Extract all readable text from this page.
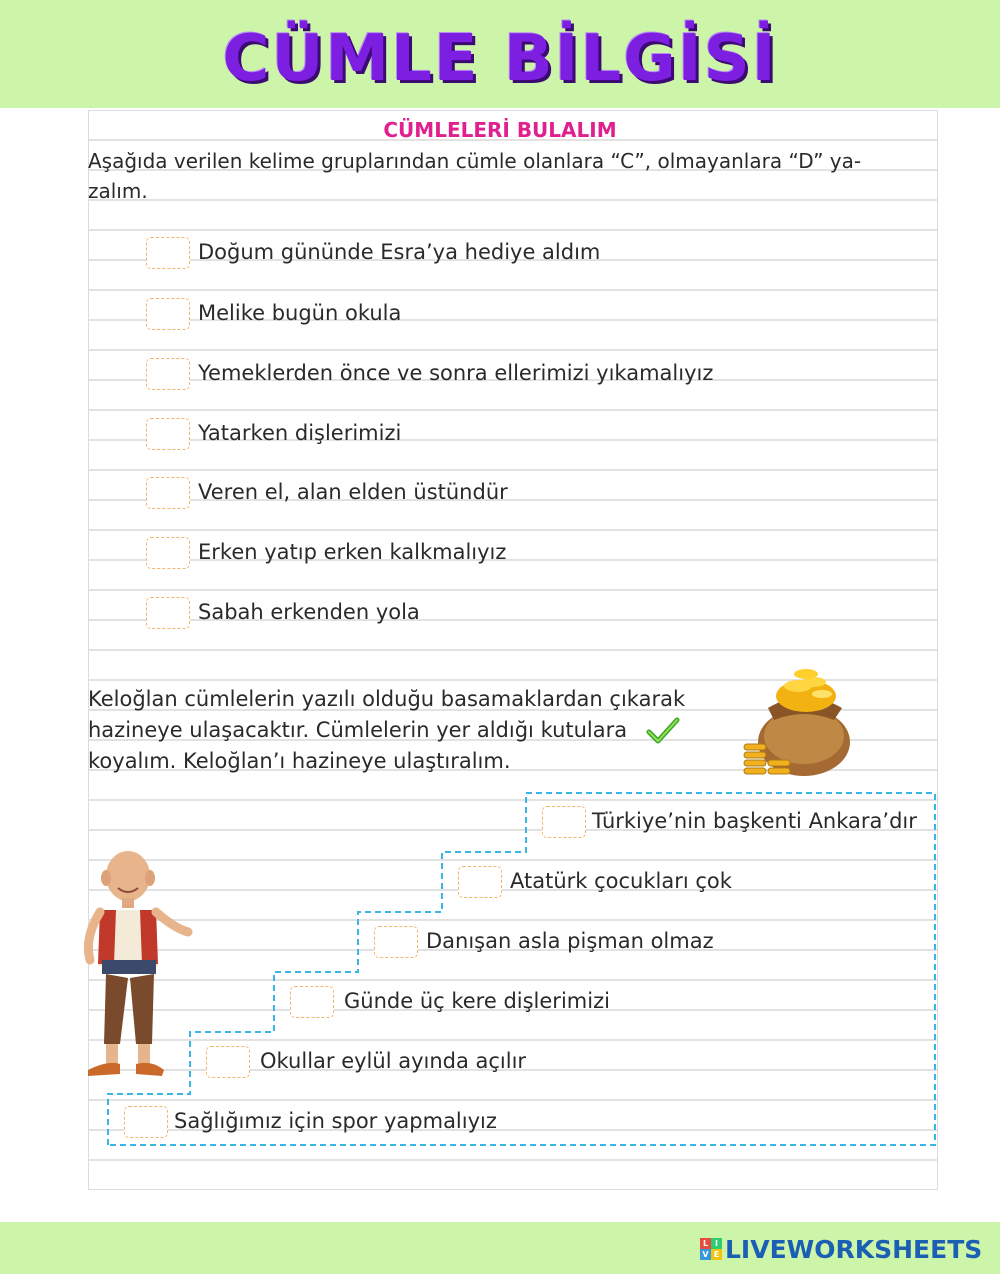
CÜMLE BİLGİSİ
CÜMLELERİ BULALIM
Aşağıda verilen kelime gruplarından cümle olanlara “C”, olmayanlara “D” ya-
zalım.
Doğum gününde Esra’ya hediye aldım
Melike bugün okula
Yemeklerden önce ve sonra ellerimizi yıkamalıyız
Yatarken dişlerimizi
Veren el, alan elden üstündür
Erken yatıp erken kalkmalıyız
Sabah erkenden yola
Keloğlan cümlelerin yazılı olduğu basamaklardan çıkarak
hazineye ulaşacaktır. Cümlelerin yer aldığı kutulara
koyalım. Keloğlan’ı hazineye ulaştıralım.
Türkiye’nin başkenti Ankara’dır
Atatürk çocukları çok
Danışan asla pişman olmaz
Günde üç kere dişlerimizi
Okullar eylül ayında açılır
Sağlığımız için spor yapmalıyız
L I
V E LIVEWORKSHEETS
